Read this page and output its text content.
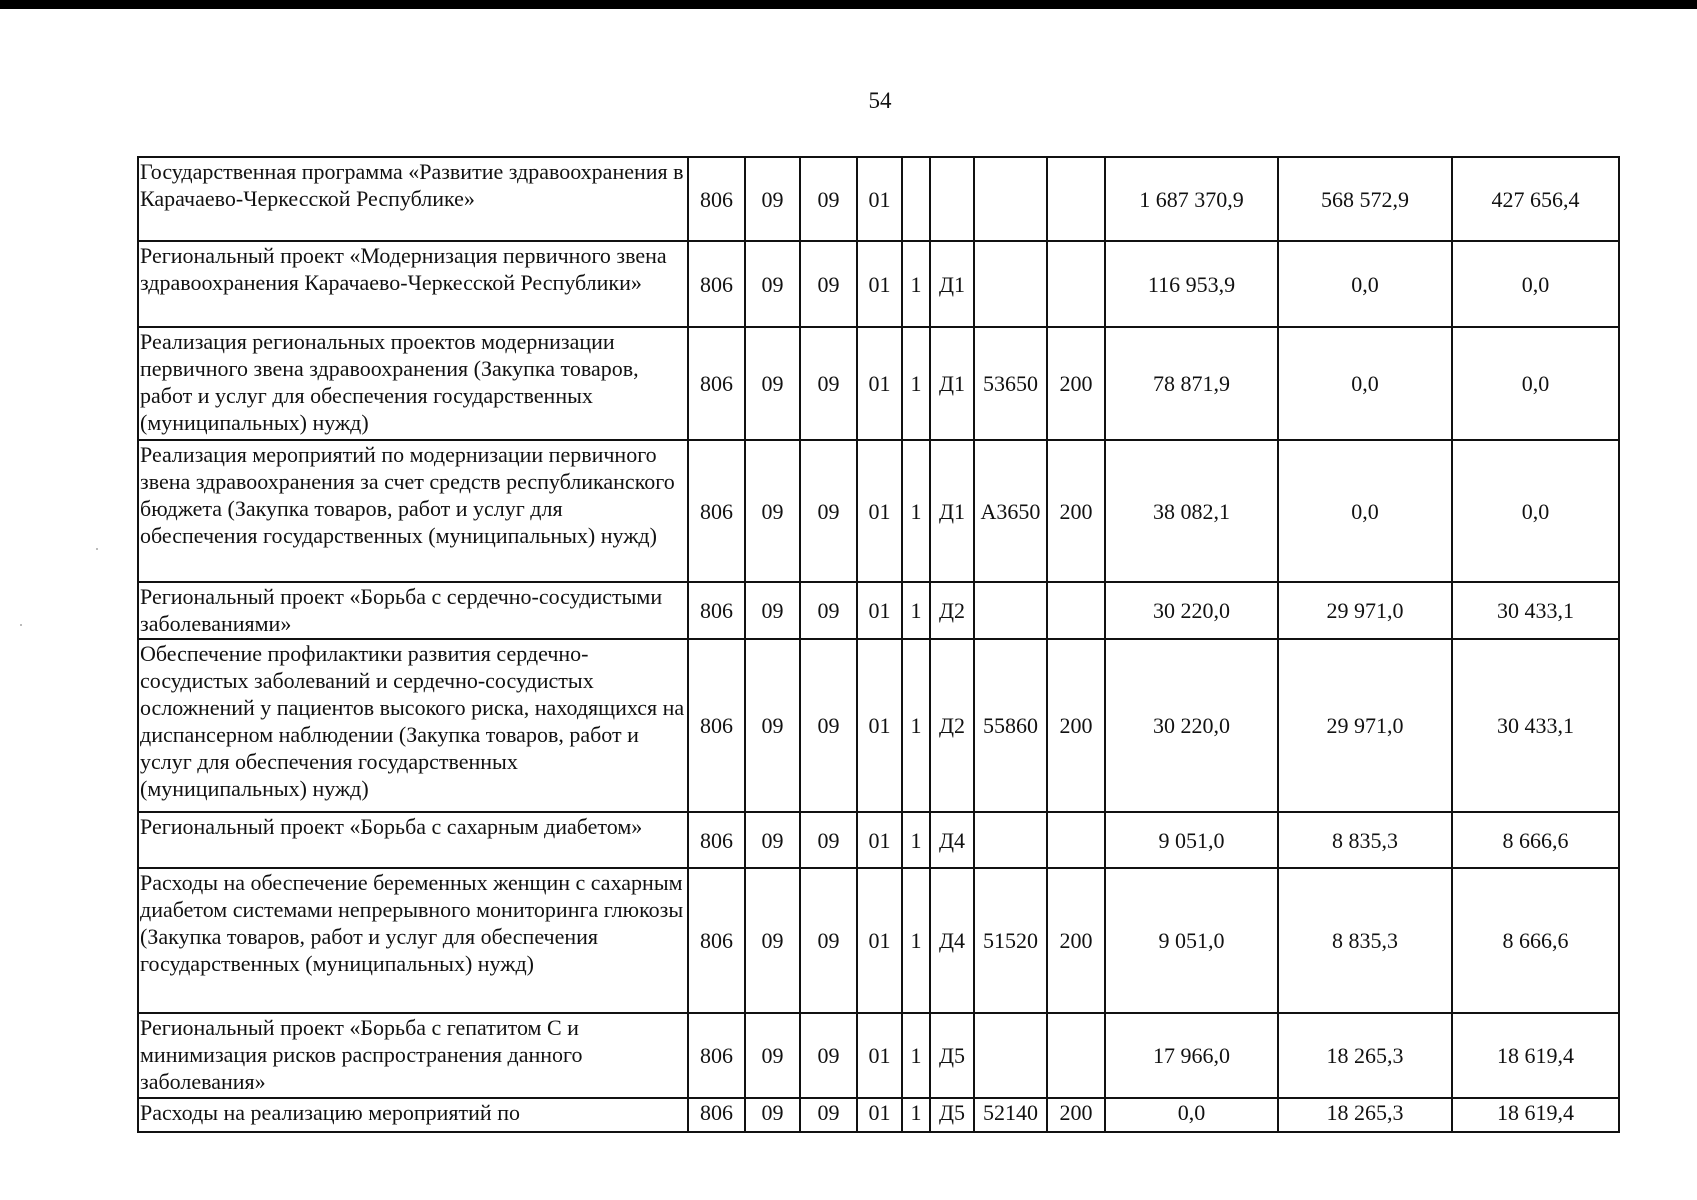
54
Государственная программа «Развитие здравоохранения в Карачаево-Черкесской Республике»	806	09	09	01					1 687 370,9	568 572,9	427 656,4
Региональный проект «Модернизация первичного звена здравоохранения Карачаево-Черкесской Республики»	806	09	09	01	1	Д1			116 953,9	0,0	0,0
Реализация региональных проектов модернизации первичного звена здравоохранения (Закупка товаров, работ и услуг для обеспечения государственных (муниципальных) нужд)	806	09	09	01	1	Д1	53650	200	78 871,9	0,0	0,0
Реализация мероприятий по модернизации первичного звена здравоохранения за счет средств республиканского бюджета (Закупка товаров, работ и услуг для обеспечения государственных (муниципальных) нужд)	806	09	09	01	1	Д1	А3650	200	38 082,1	0,0	0,0
Региональный проект «Борьба с сердечно-сосудистыми заболеваниями»	806	09	09	01	1	Д2			30 220,0	29 971,0	30 433,1
Обеспечение профилактики развития сердечно-сосудистых заболеваний и сердечно-сосудистых осложнений у пациентов высокого риска, находящихся на диспансерном наблюдении (Закупка товаров, работ и услуг для обеспечения государственных (муниципальных) нужд)	806	09	09	01	1	Д2	55860	200	30 220,0	29 971,0	30 433,1
Региональный проект «Борьба с сахарным диабетом»	806	09	09	01	1	Д4			9 051,0	8 835,3	8 666,6
Расходы на обеспечение беременных женщин с сахарным диабетом системами непрерывного мониторинга глюкозы (Закупка товаров, работ и услуг для обеспечения государственных (муниципальных) нужд)	806	09	09	01	1	Д4	51520	200	9 051,0	8 835,3	8 666,6
Региональный проект «Борьба с гепатитом С и минимизация рисков распространения данного заболевания»	806	09	09	01	1	Д5			17 966,0	18 265,3	18 619,4
Расходы на реализацию мероприятий по	806	09	09	01	1	Д5	52140	200	0,0	18 265,3	18 619,4
